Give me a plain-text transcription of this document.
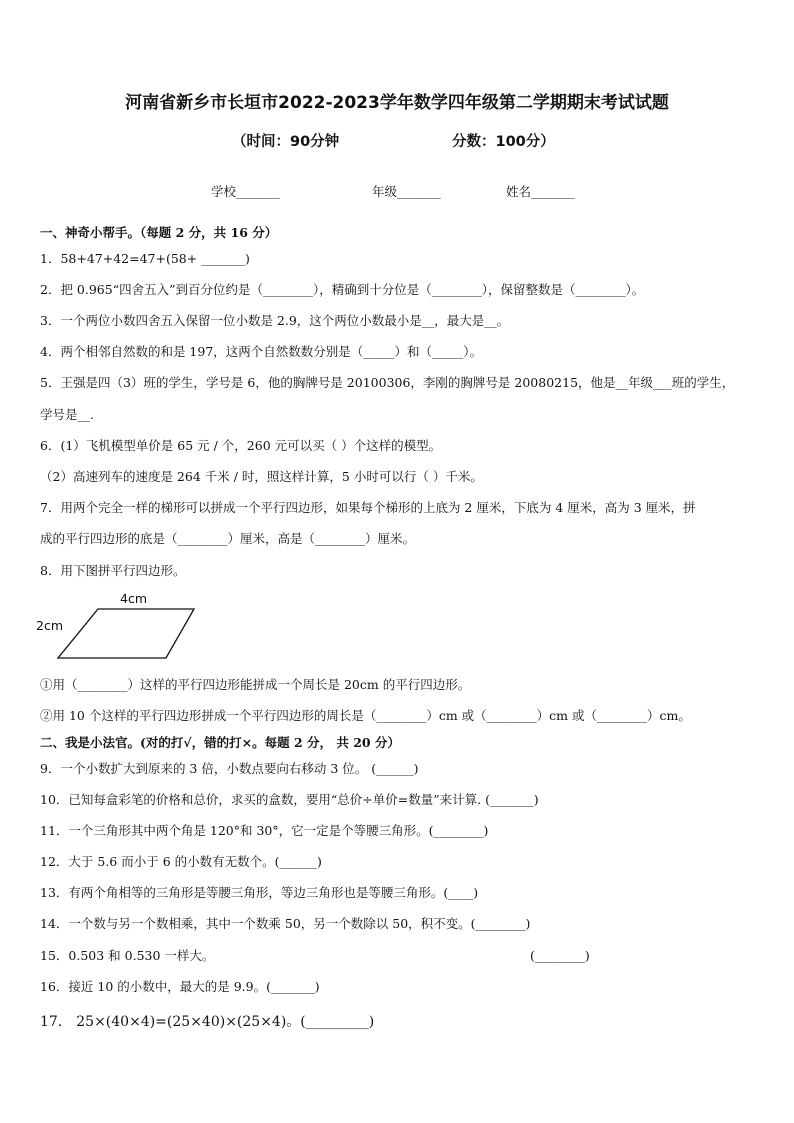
河南省新乡市长垣市2022-2023学年数学四年级第二学期期末考试试题
（时间：90分钟	分数：100分）
学校_______	年级_______	姓名_______
一、神奇小帮手。（每题 2 分，共 16 分）
1．58+47+42=47+(58+ _______)
2．把 0.965“四舍五入”到百分位约是（________），精确到十分位是（________），保留整数是（________）。
3．一个两位小数四舍五入保留一位小数是 2.9，这个两位小数最小是__，最大是__。
4．两个相邻自然数的和是 197，这两个自然数数分别是（_____）和（_____）。
5．王强是四（3）班的学生，学号是 6，他的胸牌号是 20100306，李刚的胸牌号是 20080215，他是__年级___班的学生，
学号是__.
6．(1）飞机模型单价是 65 元 / 个，260 元可以买（ ）个这样的模型。
（2）高速列车的速度是 264 千米 / 时，照这样计算，5 小时可以行（ ）千米。
7．用两个完全一样的梯形可以拼成一个平行四边形，如果每个梯形的上底为 2 厘米，下底为 4 厘米，高为 3 厘米，拼
成的平行四边形的底是（________）厘米，高是（________）厘米。
8．用下图拼平行四边形。
4cm
2cm
①用（________）这样的平行四边形能拼成一个周长是 20cm 的平行四边形。
②用 10 个这样的平行四边形拼成一个平行四边形的周长是（________）cm 或（________）cm 或（________）cm。
二、我是小法官。(对的打√，错的打×。每题 2 分， 共 20 分）
9．一个小数扩大到原来的 3 倍，小数点要向右移动 3 位。 (______)
10．已知每盒彩笔的价格和总价，求买的盒数，要用“总价÷单价=数量”来计算. (_______)
11．一个三角形其中两个角是 120°和 30°，它一定是个等腰三角形。(________)
12．大于 5.6 而小于 6 的小数有无数个。(______)
13．有两个角相等的三角形是等腰三角形，等边三角形也是等腰三角形。(____)
14．一个数与另一个数相乘，其中一个数乘 50，另一个数除以 50，积不变。(________)
15．0.503 和 0.530 一样大。	(________)
16．接近 10 的小数中，最大的是 9.9。(_______)
17． 25×(40×4)=(25×40)×(25×4)。(_________)
